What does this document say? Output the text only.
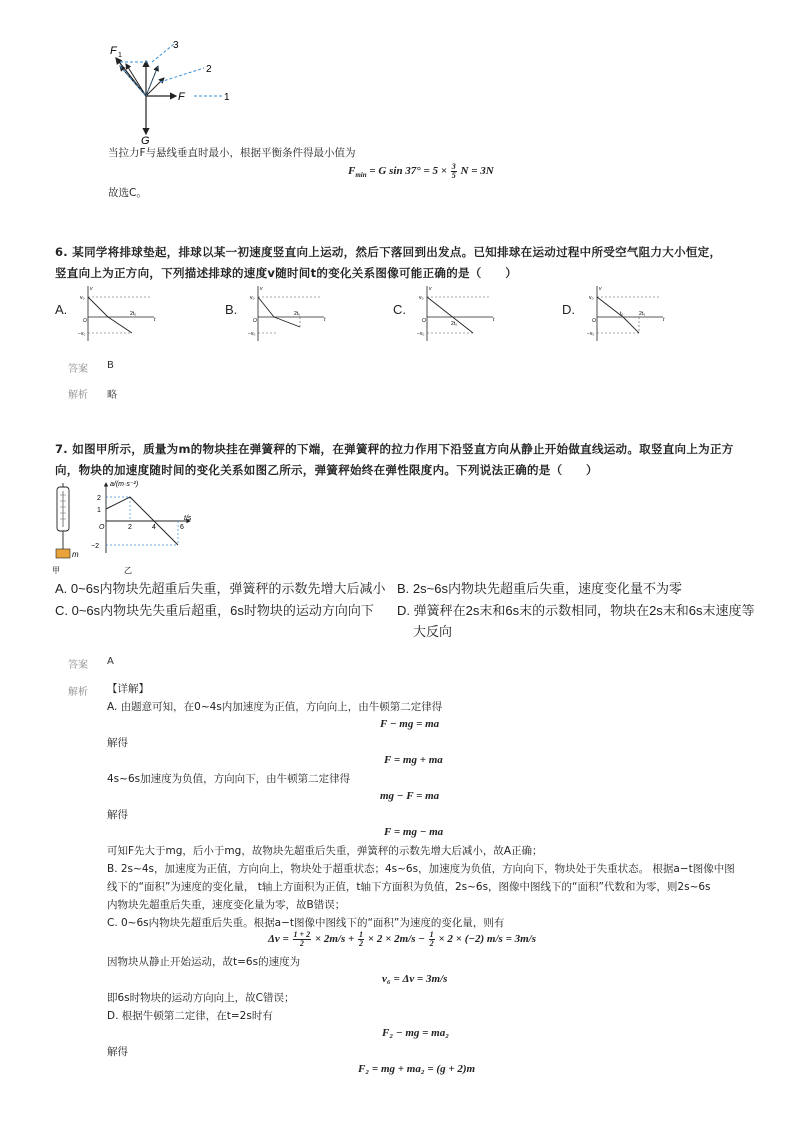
F 1
3
2
1
F
G
当拉力F与悬线垂直时最小，根据平衡条件得最小值为
$F_{min} = G$ $\sin 37^\circ = 5 \times \frac{3}{5}$ N = 3N
故选C。
6. 某同学将排球垫起，排球以某一初速度竖直向上运动，然后下落回到出发点。已知排球在运动过程中所受空气阻力大小恒定，
竖直向上为正方向，下列描述排球的速度v随时间t的变化关系图像可能正确的是（　　）
A.	B.	C.	D.
v
v₀
−v₀
O	t
2t₀
v
v₀
−v₀
O	t
2t₀
v
v₀
−v₀
O	t
2t₀
v
v₀
−v₀
O	t
t₀	2t₀
答案 B
解析 略
7. 如图甲所示，质量为m的物块挂在弹簧秤的下端，在弹簧秤的拉力作用下沿竖直方向从静止开始做直线运动。取竖直向上为正方
向，物块的加速度随时间的变化关系如图乙所示，弹簧秤始终在弹性限度内。下列说法正确的是（　　）
m
甲
a/(m·s⁻²)
t/s
O
2
1
−2
2	4	6
乙
A. 0~6s内物块先超重后失重，弹簧秤的示数先增大后减小 B. 2s~6s内物块先超重后失重，速度变化量不为零
C. 0~6s内物块先失重后超重，6s时物块的运动方向向下 D. 弹簧秤在2s末和6s末的示数相同，物块在2s末和6s末速度等
大反向
答案 A
解析 【详解】
A. 由题意可知，在0~4s内加速度为正值，方向向上，由牛顿第二定律得
F − mg = ma
解得
F = mg + ma
4s~6s加速度为负值，方向向下，由牛顿第二定律得
mg − F = ma
解得
F = mg − ma
可知F先大于mg，后小于mg，故物块先超重后失重，弹簧秤的示数先增大后减小，故A正确；
B. 2s~4s，加速度为正值，方向向上，物块处于超重状态；4s~6s，加速度为负值，方向向下，物块处于失重状态。 根据a−t图像中图
线下的“面积”为速度的变化量， t轴上方面积为正值，t轴下方面积为负值，2s~6s，图像中图线下的“面积”代数和为零，则2s~6s
内物块先超重后失重，速度变化量为零，故B错误；
C. 0~6s内物块先超重后失重。根据a−t图像中图线下的“面积”为速度的变化量，则有
$\Delta v = \frac{1 + 2}{2} \times 2m/s + \frac{1}{2} \times 2 \times 2m/s - \frac{1}{2} \times 2 \times (-2) m/s = 3m/s$
因物块从静止开始运动，故t=6s的速度为
v₆ = Δv = 3m/s
即6s时物块的运动方向向上，故C错误；
D. 根据牛顿第二定律，在t=2s时有
F₂ − mg = ma₂
解得
F₂ = mg + ma₂ = (g + 2)m
